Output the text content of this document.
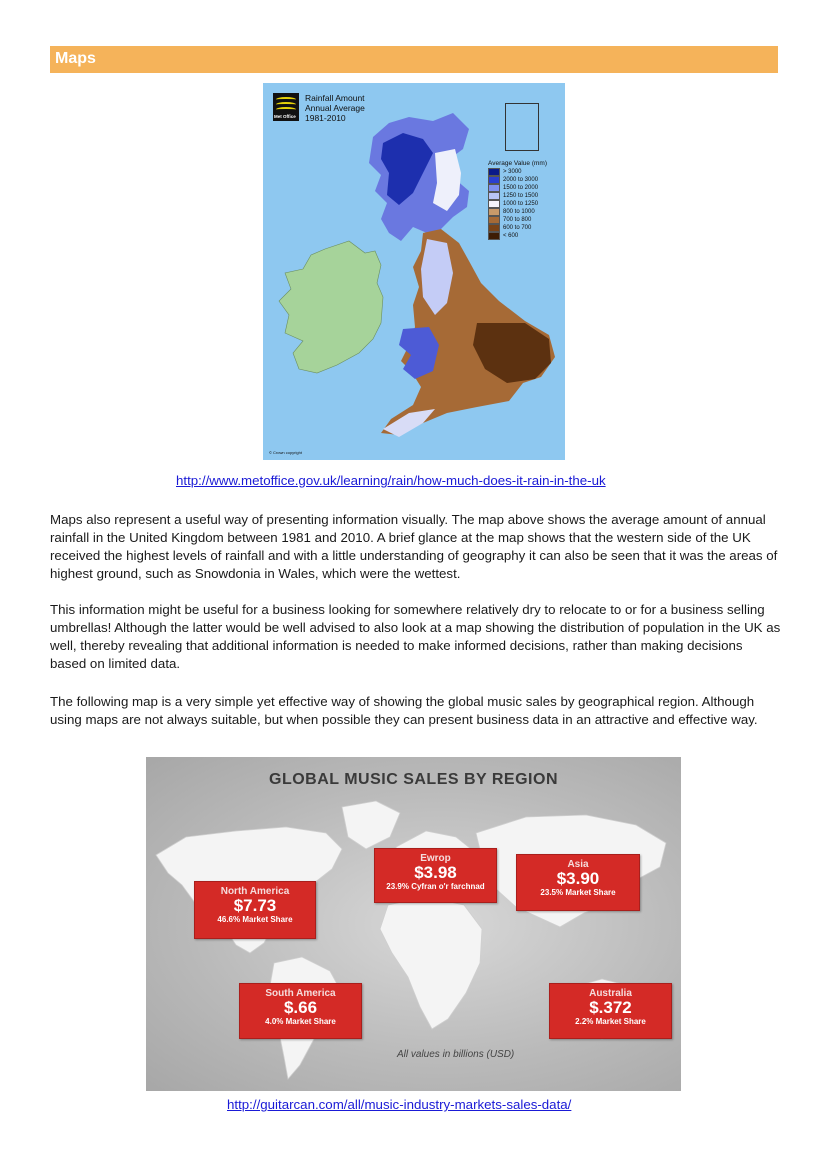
Maps
Met Office
Rainfall Amount
Annual Average
1981-2010
Average Value (mm)
> 3000
2000 to 3000
1500 to 2000
1250 to 1500
1000 to 1250
800 to 1000
700 to 800
600 to 700
< 600
© Crown copyright
http://www.metoffice.gov.uk/learning/rain/how-much-does-it-rain-in-the-uk

Maps also represent a useful way of presenting information visually. The map above shows the average amount of annual rainfall in the United Kingdom between 1981 and 2010. A brief glance at the map shows that the western side of the UK received the highest levels of rainfall and with a little understanding of geography it can also be seen that it was the areas of highest ground, such as Snowdonia in Wales, which were the wettest.

This information might be useful for a business looking for somewhere relatively dry to relocate to or for a business selling umbrellas! Although the latter would be well advised to also look at a map showing the distribution of population in the UK as well, thereby revealing that additional information is needed to make informed decisions, rather than making decisions based on limited data.

The following map is a very simple yet effective way of showing the global music sales by geographical region. Although using maps are not always suitable, but when possible they can present business data in an attractive and effective way.

GLOBAL MUSIC SALES BY REGION
North America
$7.73
46.6% Market Share
Ewrop
$3.98
23.9% Cyfran o'r farchnad
Asia
$3.90
23.5% Market Share
South America
$.66
4.0% Market Share
Australia
$.372
2.2% Market Share
All values in billions (USD)
http://guitarcan.com/all/music-industry-markets-sales-data/
